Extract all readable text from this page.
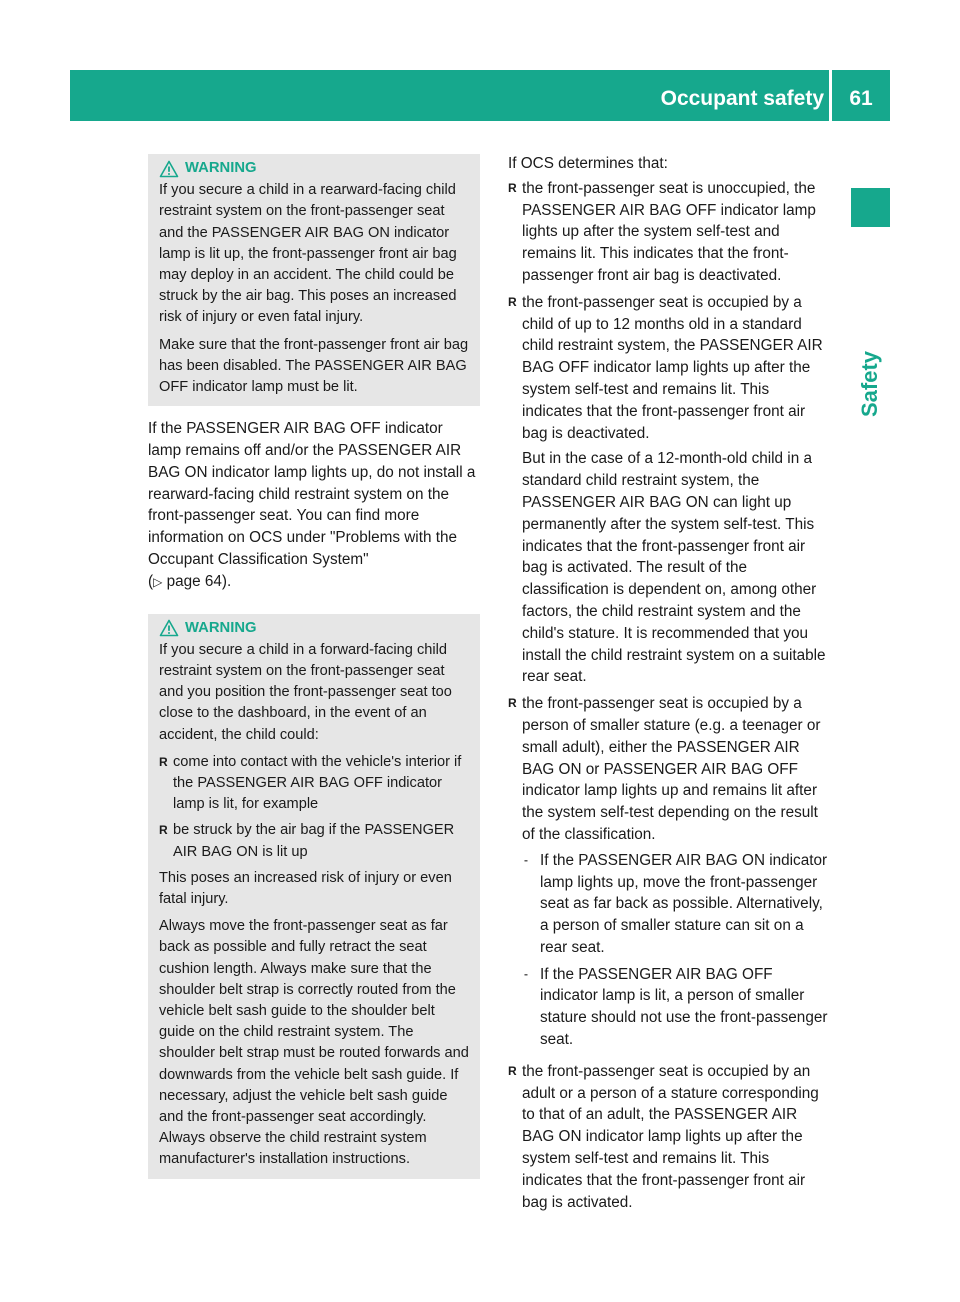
Occupant safety	61
Safety
WARNING

If you secure a child in a rearward-facing child restraint system on the front-passenger seat and the PASSENGER AIR BAG ON indicator lamp is lit up, the front-passenger front air bag may deploy in an accident. The child could be struck by the air bag. This poses an increased risk of injury or even fatal injury.

Make sure that the front-passenger front air bag has been disabled. The PASSENGER AIR BAG OFF indicator lamp must be lit.

If the PASSENGER AIR BAG OFF indicator lamp remains off and/or the PASSENGER AIR BAG ON indicator lamp lights up, do not install a rearward-facing child restraint system on the front-passenger seat. You can find more information on OCS under "Problems with the Occupant Classification System"
(▷ page 64).

WARNING

If you secure a child in a forward-facing child restraint system on the front-passenger seat and you position the front-passenger seat too close to the dashboard, in the event of an accident, the child could:

R come into contact with the vehicle's interior if the PASSENGER AIR BAG OFF indicator lamp is lit, for example
R be struck by the air bag if the PASSENGER AIR BAG ON is lit up

This poses an increased risk of injury or even fatal injury.

Always move the front-passenger seat as far back as possible and fully retract the seat cushion length. Always make sure that the shoulder belt strap is correctly routed from the vehicle belt sash guide to the shoulder belt guide on the child restraint system. The shoulder belt strap must be routed forwards and downwards from the vehicle belt sash guide. If necessary, adjust the vehicle belt sash guide and the front-passenger seat accordingly. Always observe the child restraint system manufacturer's installation instructions.

If OCS determines that:

R the front-passenger seat is unoccupied, the PASSENGER AIR BAG OFF indicator lamp lights up after the system self-test and remains lit. This indicates that the front-passenger front air bag is deactivated.
R the front-passenger seat is occupied by a child of up to 12 months old in a standard child restraint system, the PASSENGER AIR BAG OFF indicator lamp lights up after the system self-test and remains lit. This indicates that the front-passenger front air bag is deactivated.
But in the case of a 12-month-old child in a standard child restraint system, the PASSENGER AIR BAG ON can light up permanently after the system self-test. This indicates that the front-passenger front air bag is activated. The result of the classification is dependent on, among other factors, the child restraint system and the child's stature. It is recommended that you install the child restraint system on a suitable rear seat.
R the front-passenger seat is occupied by a person of smaller stature (e.g. a teenager or small adult), either the PASSENGER AIR BAG ON or PASSENGER AIR BAG OFF indicator lamp lights up and remains lit after the system self-test depending on the result of the classification.
- If the PASSENGER AIR BAG ON indicator lamp lights up, move the front-passenger seat as far back as possible. Alternatively, a person of smaller stature can sit on a rear seat.
- If the PASSENGER AIR BAG OFF indicator lamp is lit, a person of smaller stature should not use the front-passenger seat.
R the front-passenger seat is occupied by an adult or a person of a stature corresponding to that of an adult, the PASSENGER AIR BAG ON indicator lamp lights up after the system self-test and remains lit. This indicates that the front-passenger front air bag is activated.
